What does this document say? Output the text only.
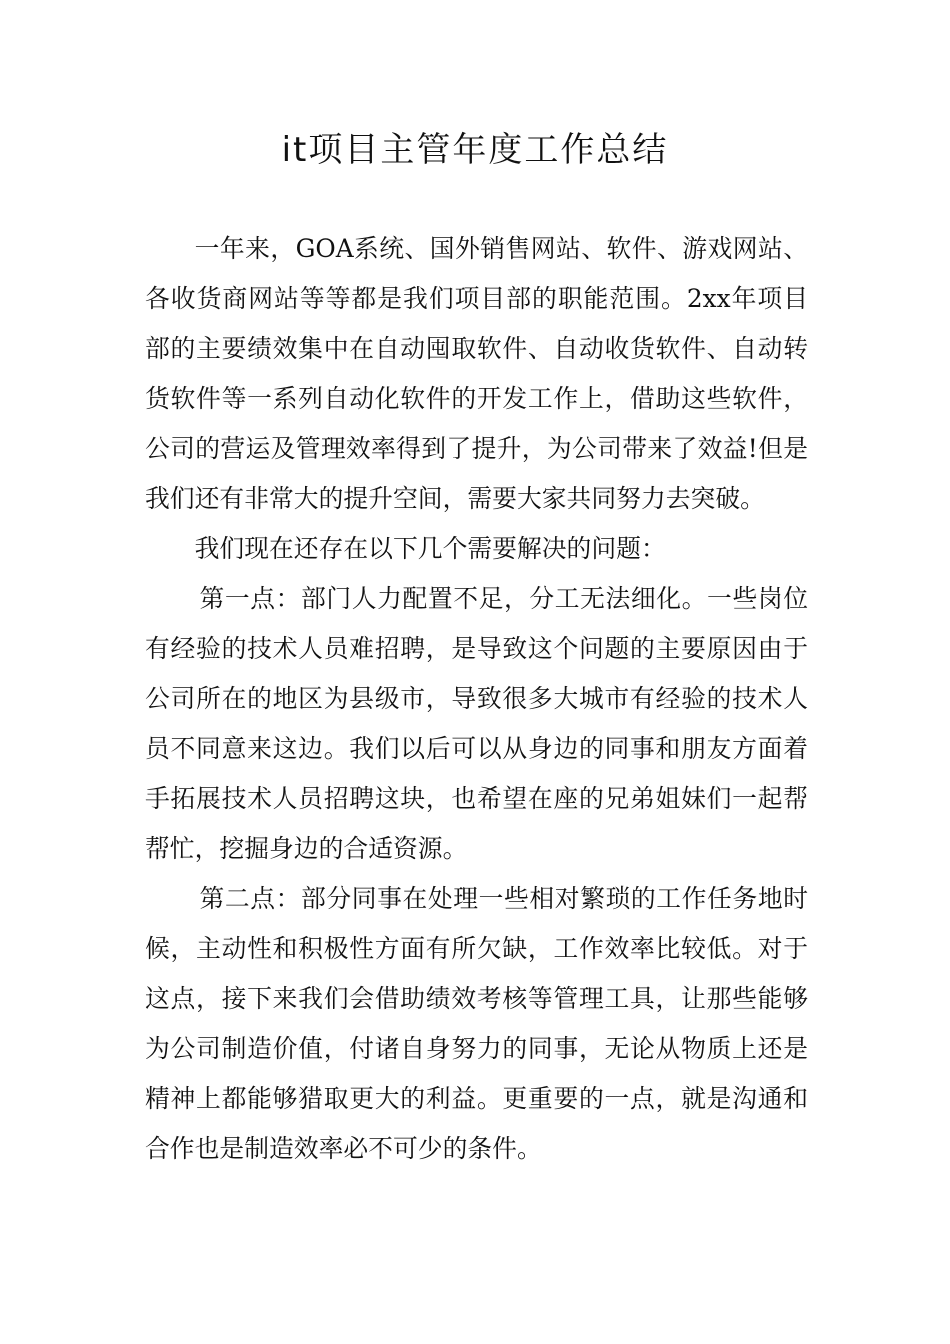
it项目主管年度工作总结

一年来，GOA系统、国外销售网站、软件、游戏网站、各收货商网站等等都是我们项目部的职能范围。2xx年项目部的主要绩效集中在自动囤取软件、自动收货软件、自动转货软件等一系列自动化软件的开发工作上，借助这些软件，公司的营运及管理效率得到了提升，为公司带来了效益!但是我们还有非常大的提升空间，需要大家共同努力去突破。

我们现在还存在以下几个需要解决的问题：

第一点：部门人力配置不足，分工无法细化。一些岗位有经验的技术人员难招聘，是导致这个问题的主要原因由于公司所在的地区为县级市，导致很多大城市有经验的技术人员不同意来这边。我们以后可以从身边的同事和朋友方面着手拓展技术人员招聘这块，也希望在座的兄弟姐妹们一起帮帮忙，挖掘身边的合适资源。

第二点：部分同事在处理一些相对繁琐的工作任务地时候，主动性和积极性方面有所欠缺，工作效率比较低。对于这点，接下来我们会借助绩效考核等管理工具，让那些能够为公司制造价值，付诸自身努力的同事，无论从物质上还是精神上都能够猎取更大的利益。更重要的一点，就是沟通和合作也是制造效率必不可少的条件。
